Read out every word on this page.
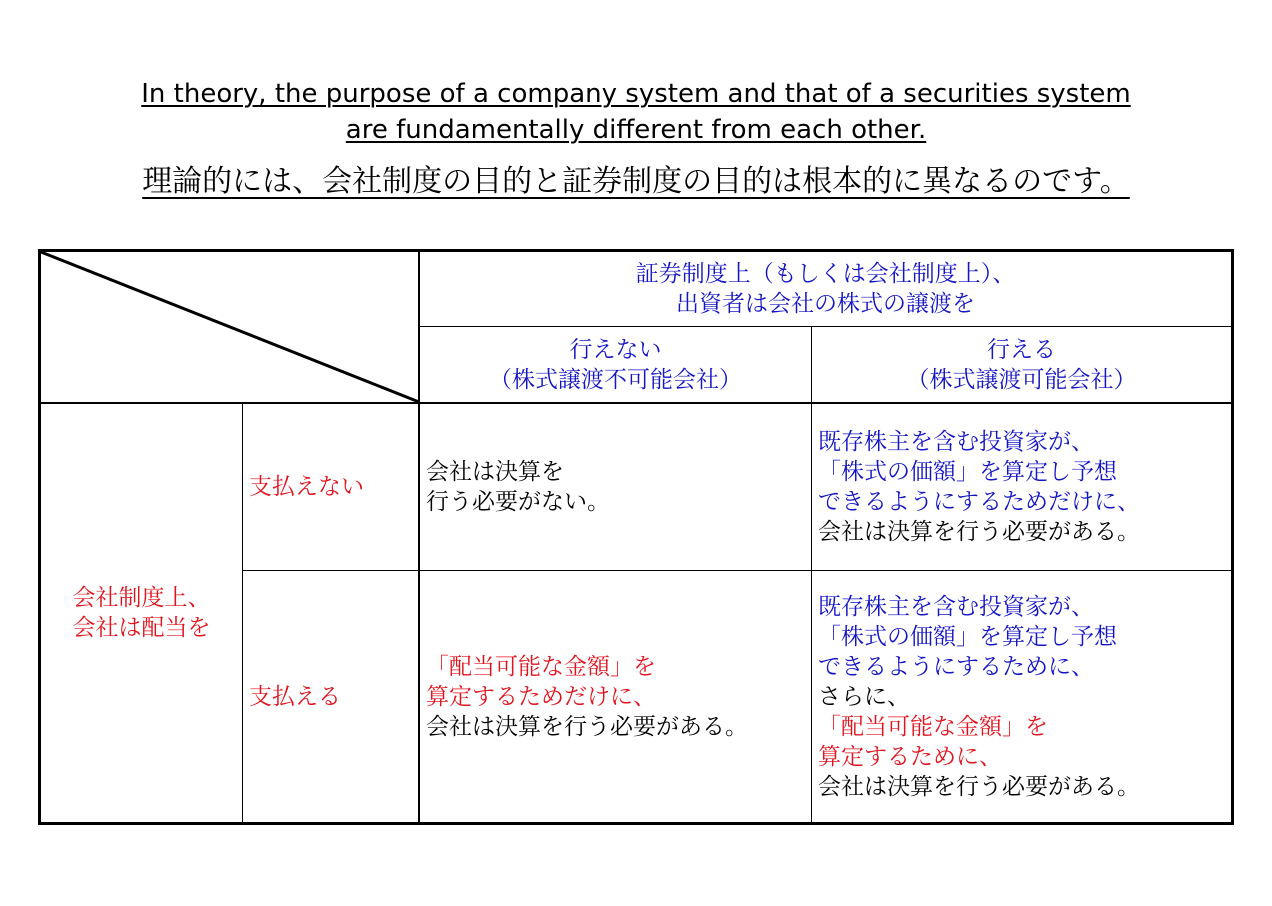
In theory, the purpose of a company system and that of a securities system
are fundamentally different from each other.
理論的には、会社制度の目的と証券制度の目的は根本的に異なるのです。
証券制度上（もしくは会社制度上）、
出資者は会社の株式の譲渡を
行えない
（株式譲渡不可能会社）
行える
（株式譲渡可能会社）
会社制度上、
会社は配当を
支払えない
支払える
会社は決算を
行う必要がない。
既存株主を含む投資家が、
「株式の価額」を算定し予想
できるようにするためだけに、
会社は決算を行う必要がある。
「配当可能な金額」を
算定するためだけに、
会社は決算を行う必要がある。
既存株主を含む投資家が、
「株式の価額」を算定し予想
できるようにするために、
さらに、
「配当可能な金額」を
算定するために、
会社は決算を行う必要がある。
